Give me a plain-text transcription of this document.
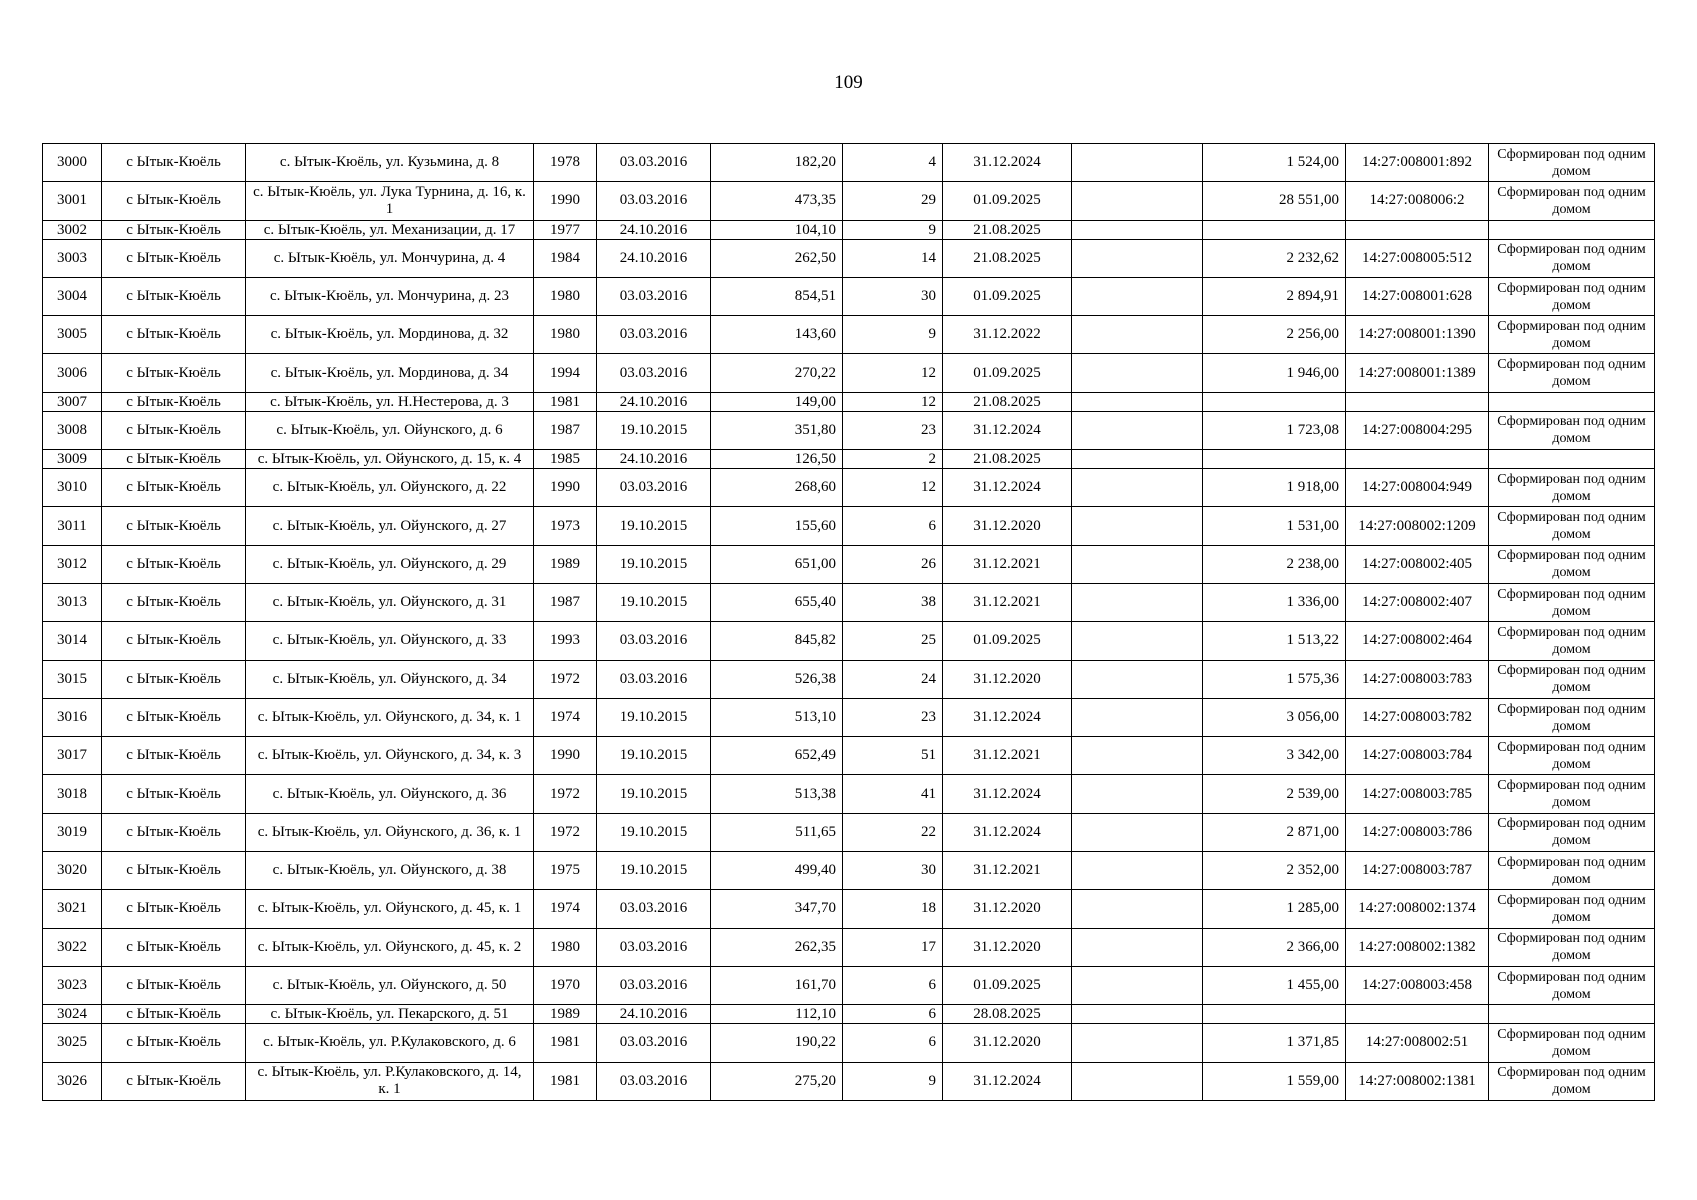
109
3000	с Ытык-Кюёль	с. Ытык-Кюёль, ул. Кузьмина, д. 8	1978	03.03.2016	182,20	4	31.12.2024		1 524,00	14:27:008001:892	Сформирован под одним домом
3001	с Ытык-Кюёль	с. Ытык-Кюёль, ул. Лука Турнина, д. 16, к. 1	1990	03.03.2016	473,35	29	01.09.2025		28 551,00	14:27:008006:2	Сформирован под одним домом
3002	с Ытык-Кюёль	с. Ытык-Кюёль, ул. Механизации, д. 17	1977	24.10.2016	104,10	9	21.08.2025				
3003	с Ытык-Кюёль	с. Ытык-Кюёль, ул. Мончурина, д. 4	1984	24.10.2016	262,50	14	21.08.2025		2 232,62	14:27:008005:512	Сформирован под одним домом
3004	с Ытык-Кюёль	с. Ытык-Кюёль, ул. Мончурина, д. 23	1980	03.03.2016	854,51	30	01.09.2025		2 894,91	14:27:008001:628	Сформирован под одним домом
3005	с Ытык-Кюёль	с. Ытык-Кюёль, ул. Мординова, д. 32	1980	03.03.2016	143,60	9	31.12.2022		2 256,00	14:27:008001:1390	Сформирован под одним домом
3006	с Ытык-Кюёль	с. Ытык-Кюёль, ул. Мординова, д. 34	1994	03.03.2016	270,22	12	01.09.2025		1 946,00	14:27:008001:1389	Сформирован под одним домом
3007	с Ытык-Кюёль	с. Ытык-Кюёль, ул. Н.Нестерова, д. 3	1981	24.10.2016	149,00	12	21.08.2025				
3008	с Ытык-Кюёль	с. Ытык-Кюёль, ул. Ойунского, д. 6	1987	19.10.2015	351,80	23	31.12.2024		1 723,08	14:27:008004:295	Сформирован под одним домом
3009	с Ытык-Кюёль	с. Ытык-Кюёль, ул. Ойунского, д. 15, к. 4	1985	24.10.2016	126,50	2	21.08.2025				
3010	с Ытык-Кюёль	с. Ытык-Кюёль, ул. Ойунского, д. 22	1990	03.03.2016	268,60	12	31.12.2024		1 918,00	14:27:008004:949	Сформирован под одним домом
3011	с Ытык-Кюёль	с. Ытык-Кюёль, ул. Ойунского, д. 27	1973	19.10.2015	155,60	6	31.12.2020		1 531,00	14:27:008002:1209	Сформирован под одним домом
3012	с Ытык-Кюёль	с. Ытык-Кюёль, ул. Ойунского, д. 29	1989	19.10.2015	651,00	26	31.12.2021		2 238,00	14:27:008002:405	Сформирован под одним домом
3013	с Ытык-Кюёль	с. Ытык-Кюёль, ул. Ойунского, д. 31	1987	19.10.2015	655,40	38	31.12.2021		1 336,00	14:27:008002:407	Сформирован под одним домом
3014	с Ытык-Кюёль	с. Ытык-Кюёль, ул. Ойунского, д. 33	1993	03.03.2016	845,82	25	01.09.2025		1 513,22	14:27:008002:464	Сформирован под одним домом
3015	с Ытык-Кюёль	с. Ытык-Кюёль, ул. Ойунского, д. 34	1972	03.03.2016	526,38	24	31.12.2020		1 575,36	14:27:008003:783	Сформирован под одним домом
3016	с Ытык-Кюёль	с. Ытык-Кюёль, ул. Ойунского, д. 34, к. 1	1974	19.10.2015	513,10	23	31.12.2024		3 056,00	14:27:008003:782	Сформирован под одним домом
3017	с Ытык-Кюёль	с. Ытык-Кюёль, ул. Ойунского, д. 34, к. 3	1990	19.10.2015	652,49	51	31.12.2021		3 342,00	14:27:008003:784	Сформирован под одним домом
3018	с Ытык-Кюёль	с. Ытык-Кюёль, ул. Ойунского, д. 36	1972	19.10.2015	513,38	41	31.12.2024		2 539,00	14:27:008003:785	Сформирован под одним домом
3019	с Ытык-Кюёль	с. Ытык-Кюёль, ул. Ойунского, д. 36, к. 1	1972	19.10.2015	511,65	22	31.12.2024		2 871,00	14:27:008003:786	Сформирован под одним домом
3020	с Ытык-Кюёль	с. Ытык-Кюёль, ул. Ойунского, д. 38	1975	19.10.2015	499,40	30	31.12.2021		2 352,00	14:27:008003:787	Сформирован под одним домом
3021	с Ытык-Кюёль	с. Ытык-Кюёль, ул. Ойунского, д. 45, к. 1	1974	03.03.2016	347,70	18	31.12.2020		1 285,00	14:27:008002:1374	Сформирован под одним домом
3022	с Ытык-Кюёль	с. Ытык-Кюёль, ул. Ойунского, д. 45, к. 2	1980	03.03.2016	262,35	17	31.12.2020		2 366,00	14:27:008002:1382	Сформирован под одним домом
3023	с Ытык-Кюёль	с. Ытык-Кюёль, ул. Ойунского, д. 50	1970	03.03.2016	161,70	6	01.09.2025		1 455,00	14:27:008003:458	Сформирован под одним домом
3024	с Ытык-Кюёль	с. Ытык-Кюёль, ул. Пекарского, д. 51	1989	24.10.2016	112,10	6	28.08.2025				
3025	с Ытык-Кюёль	с. Ытык-Кюёль, ул. Р.Кулаковского, д. 6	1981	03.03.2016	190,22	6	31.12.2020		1 371,85	14:27:008002:51	Сформирован под одним домом
3026	с Ытык-Кюёль	с. Ытык-Кюёль, ул. Р.Кулаковского, д. 14, к. 1	1981	03.03.2016	275,20	9	31.12.2024		1 559,00	14:27:008002:1381	Сформирован под одним домом
